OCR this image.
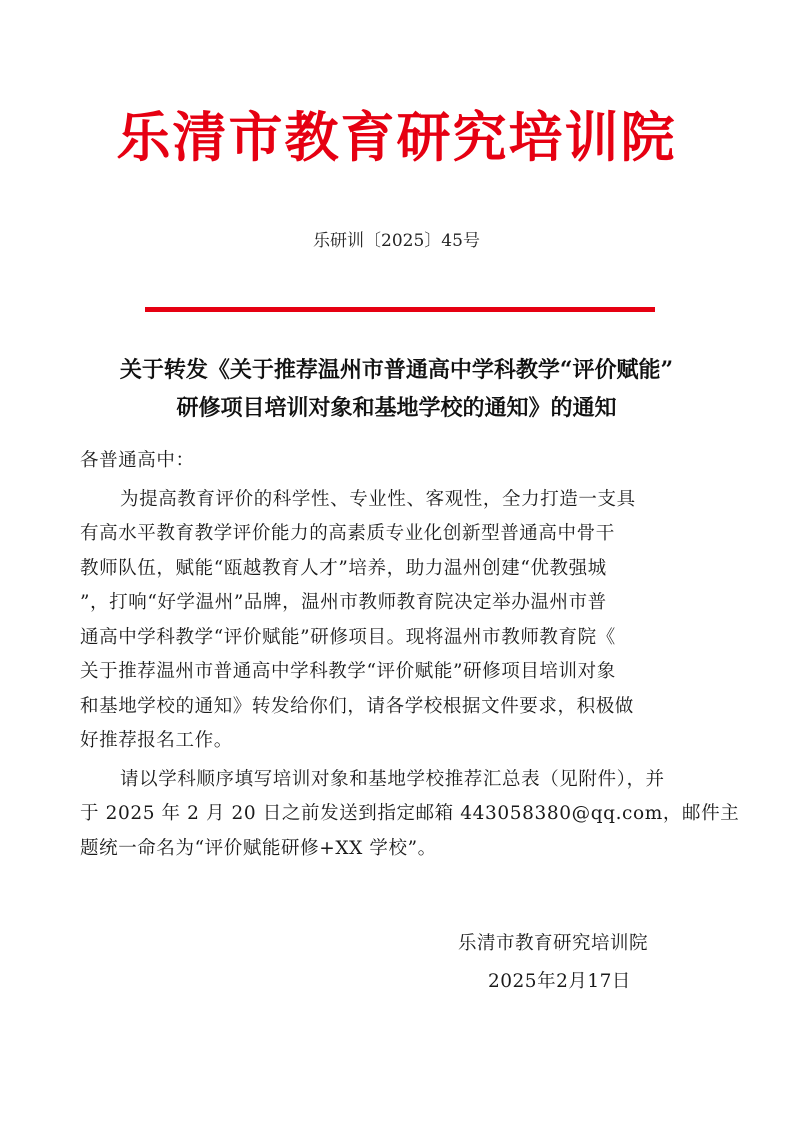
乐清市教育研究培训院
乐研训〔2025〕45号
关于转发《关于推荐温州市普通高中学科教学“评价赋能”
研修项目培训对象和基地学校的通知》的通知
各普通高中：
为提高教育评价的科学性、专业性、客观性，全力打造一支具
有高水平教育教学评价能力的高素质专业化创新型普通高中骨干
教师队伍，赋能“瓯越教育人才”培养，助力温州创建“优教强城
”，打响“好学温州”品牌，温州市教师教育院决定举办温州市普
通高中学科教学“评价赋能”研修项目。现将温州市教师教育院《
关于推荐温州市普通高中学科教学“评价赋能”研修项目培训对象
和基地学校的通知》转发给你们，请各学校根据文件要求，积极做
好推荐报名工作。
请以学科顺序填写培训对象和基地学校推荐汇总表（见附件），并
于 2025 年 2 月 20 日之前发送到指定邮箱 443058380@qq.com，邮件主
题统一命名为“评价赋能研修+XX 学校”。
乐清市教育研究培训院
2025年2月17日
